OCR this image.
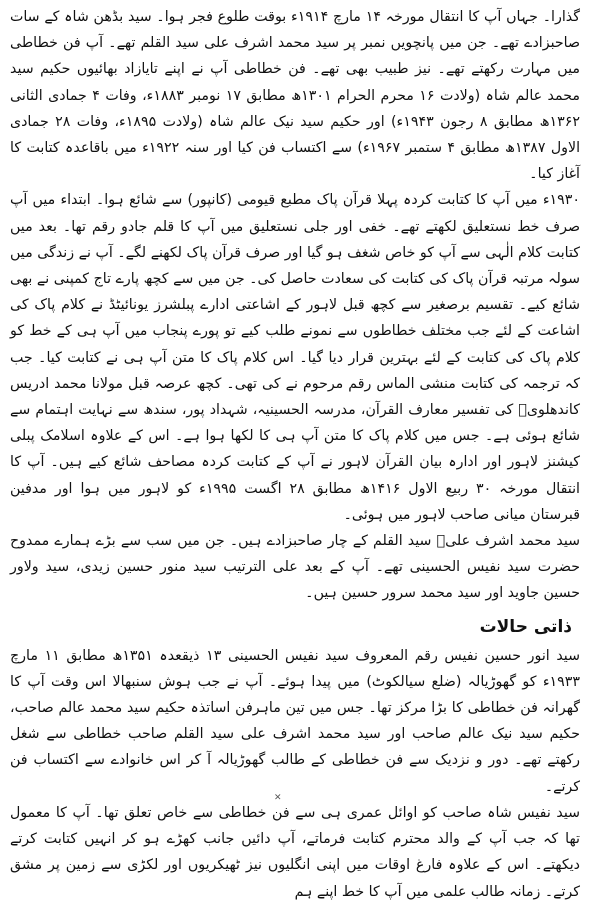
گذارا۔ جہاں آپ کا انتقال مورخہ ۱۴ مارچ ۱۹۱۴ء بوقت طلوع فجر ہوا۔ سید بڈھن شاہ کے سات صاحبزادے تھے۔ جن میں پانچویں نمبر پر سید محمد اشرف علی سید القلم تھے۔ آپ فن خطاطی میں مہارت رکھتے تھے۔ نیز طبیب بھی تھے۔ فن خطاطی آپ نے اپنے تایازاد بھائیوں حکیم سید محمد عالم شاہ (ولادت ۱۶ محرم الحرام ۱۳۰۱ھ مطابق ۱۷ نومبر ۱۸۸۳ء، وفات ۴ جمادی الثانی ۱۳۶۲ھ مطابق ۸ رجون ۱۹۴۳ء) اور حکیم سید نیک عالم شاہ (ولادت ۱۸۹۵ء، وفات ۲۸ جمادی الاول ۱۳۸۷ھ مطابق ۴ ستمبر ۱۹۶۷ء) سے اکتساب فن کیا اور سنہ ۱۹۲۲ء میں باقاعدہ کتابت کا آغاز کیا۔

۱۹۳۰ء میں آپ کا کتابت کردہ پہلا قرآن پاک مطبع قیومی (کانپور) سے شائع ہوا۔ ابتداء میں آپ صرف خط نستعلیق لکھتے تھے۔ خفی اور جلی نستعلیق میں آپ کا قلم جادو رقم تھا۔ بعد میں کتابت کلام الٰہی سے آپ کو خاص شغف ہو گیا اور صرف قرآن پاک لکھنے لگے۔ آپ نے زندگی میں سولہ مرتبہ قرآن پاک کی کتابت کی سعادت حاصل کی۔ جن میں سے کچھ پارے تاج کمپنی نے بھی شائع کیے۔ تقسیم برصغیر سے کچھ قبل لاہور کے اشاعتی ادارے پبلشرز یونائیٹڈ نے کلام پاک کی اشاعت کے لئے جب مختلف خطاطوں سے نمونے طلب کیے تو پورے پنجاب میں آپ ہی کے خط کو کلام پاک کی کتابت کے لئے بہترین قرار دیا گیا۔ اس کلام پاک کا متن آپ ہی نے کتابت کیا۔ جب کہ ترجمہ کی کتابت منشی الماس رقم مرحوم نے کی تھی۔ کچھ عرصہ قبل مولانا محمد ادریس کاندھلویؒ کی تفسیر معارف القرآن، مدرسہ الحسینیہ، شہداد پور، سندھ سے نہایت اہتمام سے شائع ہوئی ہے۔ جس میں کلام پاک کا متن آپ ہی کا لکھا ہوا ہے۔ اس کے علاوہ اسلامک پبلی کیشنز لاہور اور ادارہ بیان القرآن لاہور نے آپ کے کتابت کردہ مصاحف شائع کیے ہیں۔ آپ کا انتقال مورخہ ۳۰ ربیع الاول ۱۴۱۶ھ مطابق ۲۸ اگست ۱۹۹۵ء کو لاہور میں ہوا اور مدفین قبرستان میانی صاحب لاہور میں ہوئی۔

سید محمد اشرف علیؒ سید القلم کے چار صاحبزادے ہیں۔ جن میں سب سے بڑے ہمارے ممدوح حضرت سید نفیس الحسینی تھے۔ آپ کے بعد علی الترتیب سید منور حسین زیدی، سید ولاور حسین جاوید اور سید محمد سرور حسین ہیں۔

ذاتی حالات

سید انور حسین نفیس رقم المعروف سید نفیس الحسینی ۱۳ ذیقعدہ ۱۳۵۱ھ مطابق ۱۱ مارچ ۱۹۳۳ء کو گھوڑیالہ (ضلع سیالکوٹ) میں پیدا ہوئے۔ آپ نے جب ہوش سنبھالا اس وقت آپ کا گھرانہ فن خطاطی کا بڑا مرکز تھا۔ جس میں تین ماہرفن اساتذہ حکیم سید محمد عالم صاحب، حکیم سید نیک عالم صاحب اور سید محمد اشرف علی سید القلم صاحب خطاطی سے شغل رکھتے تھے۔ دور و نزدیک سے فن خطاطی کے طالب گھوڑیالہ آ کر اس خانوادے سے اکتساب فن کرتے۔

سید نفیس شاہ صاحب کو اوائل عمری ہی سے فن خطاطی سے خاص تعلق تھا۔ آپ کا معمول تھا کہ جب آپ کے والد محترم کتابت فرماتے، آپ دائیں جانب کھڑے ہو کر انہیں کتابت کرتے دیکھتے۔ اس کے علاوہ فارغ اوقات میں اپنی انگلیوں نیز ٹھیکریوں اور لکڑی سے زمین پر مشق کرتے۔ زمانہ طالب علمی میں آپ کا خط اپنے ہم

✕
